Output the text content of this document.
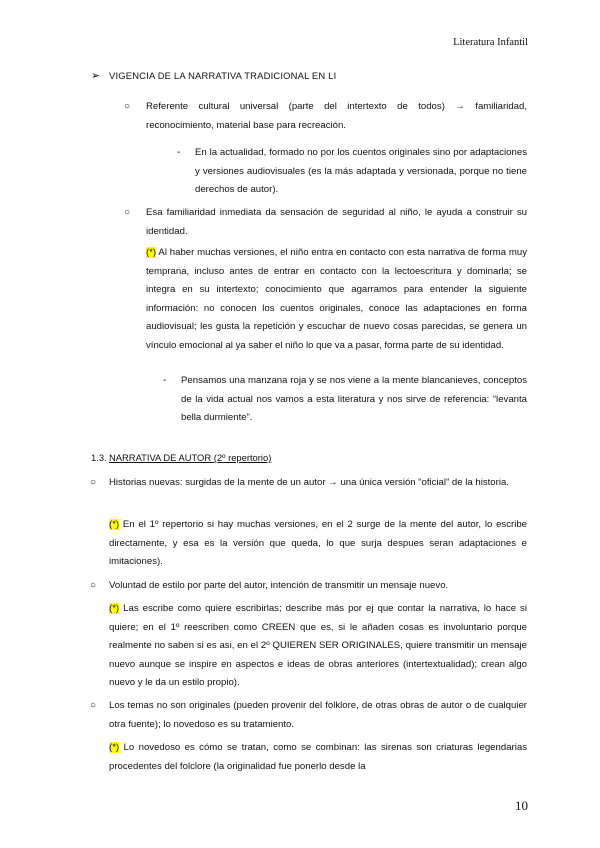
Literatura Infantil
➢ VIGENCIA DE LA NARRATIVA TRADICIONAL EN LI
○ Referente cultural universal (parte del intertexto de todos) → familiaridad, reconocimiento, material base para recreación.

- En la actualidad, formado no por los cuentos originales sino por adaptaciones y versiones audiovisuales (es la más adaptada y versionada, porque no tiene derechos de autor).

○ Esa familiaridad inmediata da sensación de seguridad al niño, le ayuda a construir su identidad.

(*) Al haber muchas versiones, el niño entra en contacto con esta narrativa de forma muy temprana, incluso antes de entrar en contacto con la lectoescritura y dominarla; se integra en su intertexto; conocimiento que agarramos para entender la siguiente información: no conocen los cuentos originales, conoce las adaptaciones en forma audiovisual; les gusta la repetición y escuchar de nuevo cosas parecidas, se genera un vínculo emocional al ya saber el niño lo que va a pasar, forma parte de su identidad.

- Pensamos una manzana roja y se nos viene a la mente blancanieves, conceptos de la vida actual nos vamos a esta literatura y nos sirve de referencia: “levanta bella durmiente”.

1.3. NARRATIVA DE AUTOR (2º repertorio)
○ Historias nuevas: surgidas de la mente de un autor → una única versión “oficial” de la historia.

(*) En el 1º repertorio si hay muchas versiones, en el 2 surge de la mente del autor, lo escribe directamente, y esa es la versión que queda, lo que surja despues seran adaptaciones e imitaciones).

○ Voluntad de estilo por parte del autor, intención de transmitir un mensaje nuevo.

(*) Las escribe como quiere escribirlas; describe más por ej que contar la narrativa, lo hace si quiere; en el 1º reescriben como CREEN que es, si le añaden cosas es involuntario porque realmente no saben si es asi, en el 2º QUIEREN SER ORIGINALES, quiere transmitir un mensaje nuevo aunque se inspire en aspectos e ideas de obras anteriores (intertextualidad); crean algo nuevo y le da un estilo propio).

○ Los temas no son originales (pueden provenir del folklore, de otras obras de autor o de cualquier otra fuente); lo novedoso es su tratamiento.

(*) Lo novedoso es cómo se tratan, como se combinan: las sirenas son criaturas legendarias procedentes del folclore (la originalidad fue ponerlo desde la

10
